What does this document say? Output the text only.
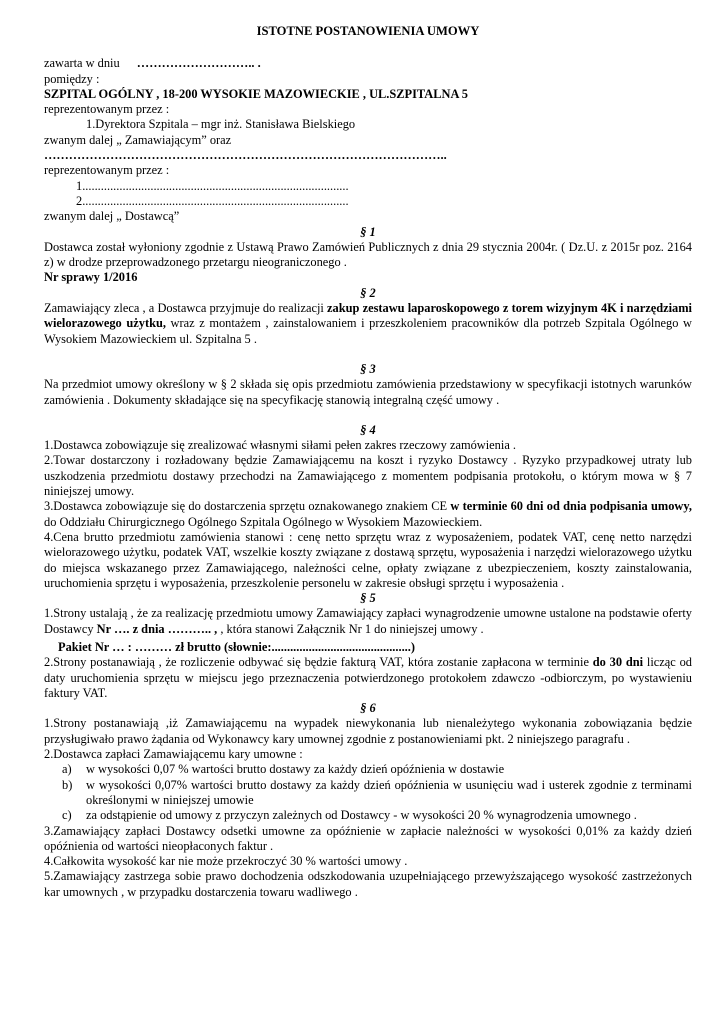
ISTOTNE POSTANOWIENIA UMOWY
zawarta w dniu ……………………….. .
pomiędzy :
SZPITAL OGÓLNY , 18-200 WYSOKIE MAZOWIECKIE , UL.SZPITALNA 5
reprezentowanym przez :
1.Dyrektora Szpitala – mgr inż. Stanisława Bielskiego
zwanym dalej „ Zamawiającym” oraz
……………………………………………………………………………………..
reprezentowanym przez :
1......................................................................................
2......................................................................................
zwanym dalej „ Dostawcą”
§ 1
Dostawca został wyłoniony zgodnie z Ustawą Prawo Zamówień Publicznych z dnia 29 stycznia 2004r. ( Dz.U. z 2015r poz. 2164 z) w drodze przeprowadzonego przetargu nieograniczonego .
Nr sprawy 1/2016
§ 2
Zamawiający zleca , a Dostawca przyjmuje do realizacji zakup zestawu laparoskopowego z torem wizyjnym 4K i narzędziami wielorazowego użytku, wraz z montażem , zainstalowaniem i przeszkoleniem pracowników dla potrzeb Szpitala Ogólnego w Wysokiem Mazowieckiem ul. Szpitalna 5 .
§ 3
Na przedmiot umowy określony w § 2 składa się opis przedmiotu zamówienia przedstawiony w specyfikacji istotnych warunków zamówienia . Dokumenty składające się na specyfikację stanowią integralną część umowy .
§ 4
1.Dostawca zobowiązuje się zrealizować własnymi siłami pełen zakres rzeczowy zamówienia .
2.Towar dostarczony i rozładowany będzie Zamawiającemu na koszt i ryzyko Dostawcy . Ryzyko przypadkowej utraty lub uszkodzenia przedmiotu dostawy przechodzi na Zamawiającego z momentem podpisania protokołu, o którym mowa w § 7 niniejszej umowy.
3.Dostawca zobowiązuje się do dostarczenia sprzętu oznakowanego znakiem CE w terminie 60 dni od dnia podpisania umowy, do Oddziału Chirurgicznego Ogólnego Szpitala Ogólnego w Wysokiem Mazowieckiem.
4.Cena brutto przedmiotu zamówienia stanowi : cenę netto sprzętu wraz z wyposażeniem, podatek VAT, cenę netto narzędzi wielorazowego użytku, podatek VAT, wszelkie koszty związane z dostawą sprzętu, wyposażenia i narzędzi wielorazowego użytku do miejsca wskazanego przez Zamawiającego, należności celne, opłaty związane z ubezpieczeniem, koszty zainstalowania, uruchomienia sprzętu i wyposażenia, przeszkolenie personelu w zakresie obsługi sprzętu i wyposażenia .
§ 5
1.Strony ustalają , że za realizację przedmiotu umowy Zamawiający zapłaci wynagrodzenie umowne ustalone na podstawie oferty Dostawcy Nr …. z dnia ……….. , , która stanowi Załącznik Nr 1 do niniejszej umowy .
Pakiet Nr … : ……… zł brutto (słownie:.............................................)
2.Strony postanawiają , że rozliczenie odbywać się będzie fakturą VAT, która zostanie zapłacona w terminie do 30 dni licząc od daty uruchomienia sprzętu w miejscu jego przeznaczenia potwierdzonego protokołem zdawczo -odbiorczym, po wystawieniu faktury VAT.
§ 6
1.Strony postanawiają ,iż Zamawiającemu na wypadek niewykonania lub nienależytego wykonania zobowiązania będzie przysługiwało prawo żądania od Wykonawcy kary umownej zgodnie z postanowieniami pkt. 2 niniejszego paragrafu .
2.Dostawca zapłaci Zamawiającemu kary umowne :
a) w wysokości 0,07 % wartości brutto dostawy za każdy dzień opóźnienia w dostawie
b) w wysokości 0,07% wartości brutto dostawy za każdy dzień opóźnienia w usunięciu wad i usterek zgodnie z terminami określonymi w niniejszej umowie
c) za odstąpienie od umowy z przyczyn zależnych od Dostawcy - w wysokości 20 % wynagrodzenia umownego .
3.Zamawiający zapłaci Dostawcy odsetki umowne za opóźnienie w zapłacie należności w wysokości 0,01% za każdy dzień opóźnienia od wartości nieopłaconych faktur .
4.Całkowita wysokość kar nie może przekroczyć 30 % wartości umowy .
5.Zamawiający zastrzega sobie prawo dochodzenia odszkodowania uzupełniającego przewyższającego wysokość zastrzeżonych kar umownych , w przypadku dostarczenia towaru wadliwego .
